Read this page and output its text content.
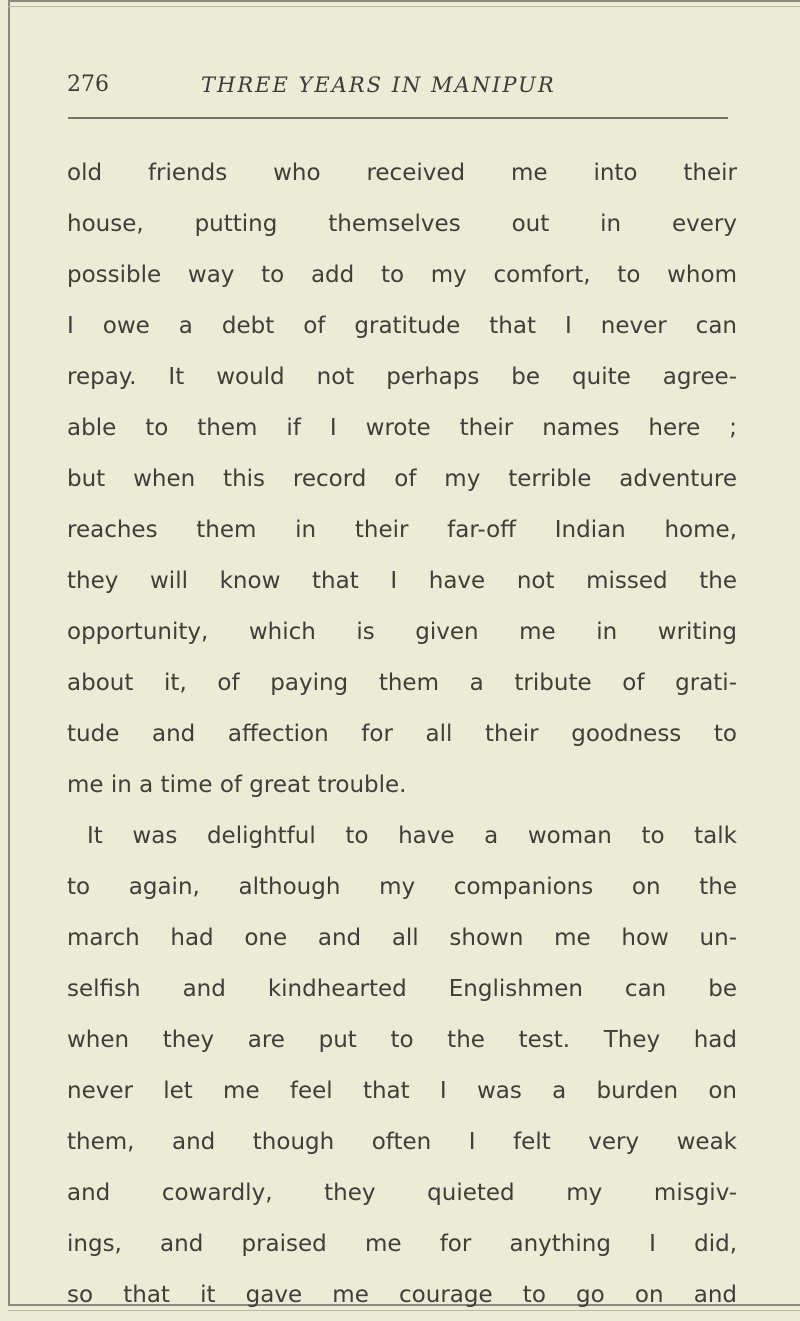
276	THREE YEARS IN MANIPUR
old friends who received me into their
house, putting themselves out in every
possible way to add to my comfort, to whom
I owe a debt of gratitude that I never can
repay. It would not perhaps be quite agree-
able to them if I wrote their names here ;
but when this record of my terrible adventure
reaches them in their far-off Indian home,
they will know that I have not missed the
opportunity, which is given me in writing
about it, of paying them a tribute of grati-
tude and affection for all their goodness to
me in a time of great trouble.
It was delightful to have a woman to talk
to again, although my companions on the
march had one and all shown me how un-
selfish and kindhearted Englishmen can be
when they are put to the test. They had
never let me feel that I was a burden on
them, and though often I felt very weak
and cowardly, they quieted my misgiv-
ings, and praised me for anything I did,
so that it gave me courage to go on and
